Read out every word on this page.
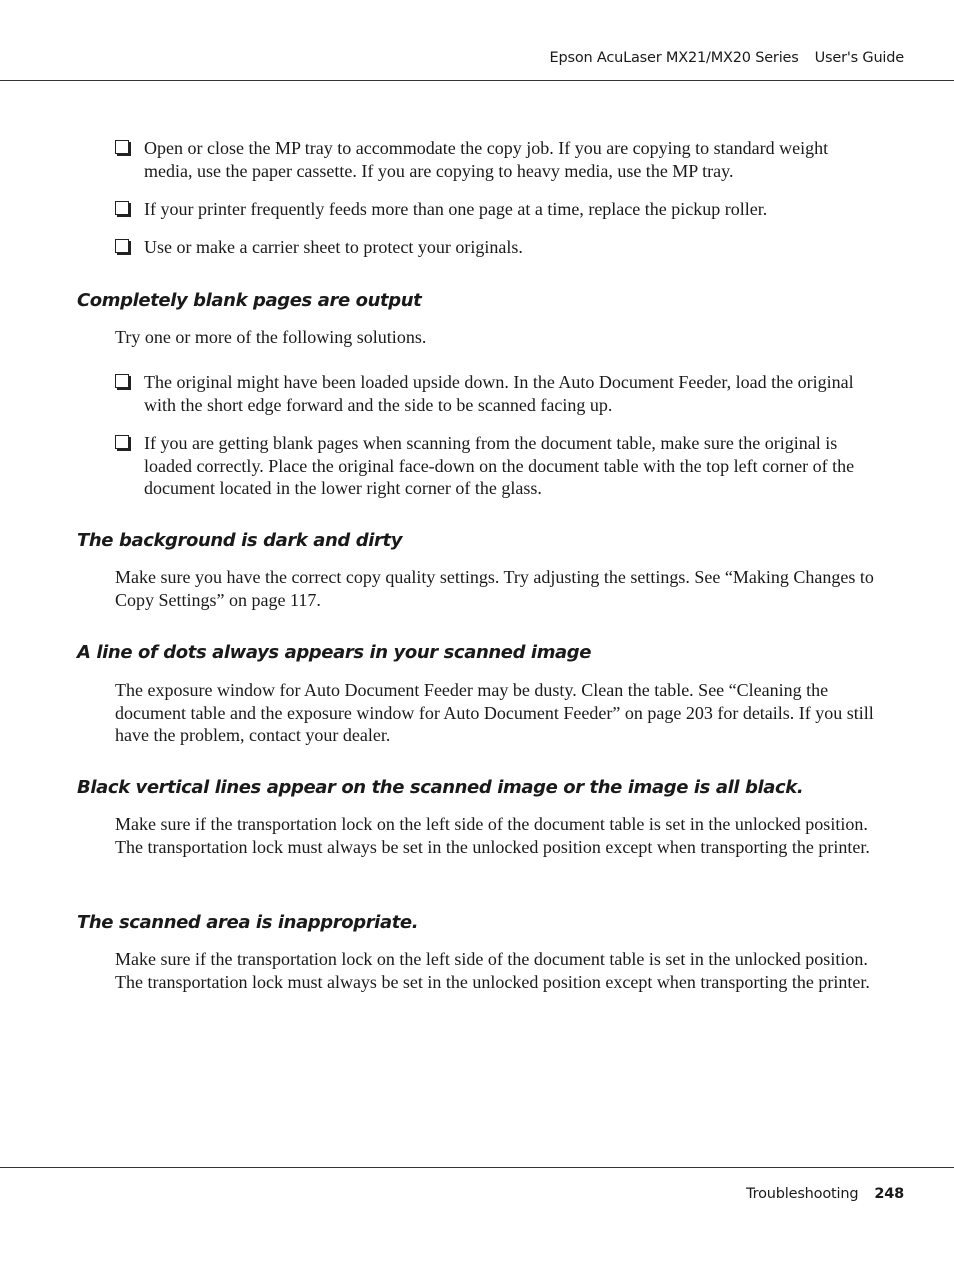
Epson AcuLaser MX21/MX20 Series User's Guide
Open or close the MP tray to accommodate the copy job. If you are copying to standard weight media, use the paper cassette. If you are copying to heavy media, use the MP tray.
If your printer frequently feeds more than one page at a time, replace the pickup roller.
Use or make a carrier sheet to protect your originals.
Completely blank pages are output
Try one or more of the following solutions.
The original might have been loaded upside down. In the Auto Document Feeder, load the original with the short edge forward and the side to be scanned facing up.
If you are getting blank pages when scanning from the document table, make sure the original is loaded correctly. Place the original face-down on the document table with the top left corner of the document located in the lower right corner of the glass.
The background is dark and dirty
Make sure you have the correct copy quality settings. Try adjusting the settings. See “Making Changes to Copy Settings” on page 117.
A line of dots always appears in your scanned image
The exposure window for Auto Document Feeder may be dusty. Clean the table. See “Cleaning the document table and the exposure window for Auto Document Feeder” on page 203 for details. If you still have the problem, contact your dealer.
Black vertical lines appear on the scanned image or the image is all black.
Make sure if the transportation lock on the left side of the document table is set in the unlocked position. The transportation lock must always be set in the unlocked position except when transporting the printer.
The scanned area is inappropriate.
Make sure if the transportation lock on the left side of the document table is set in the unlocked position. The transportation lock must always be set in the unlocked position except when transporting the printer.
Troubleshooting 248
